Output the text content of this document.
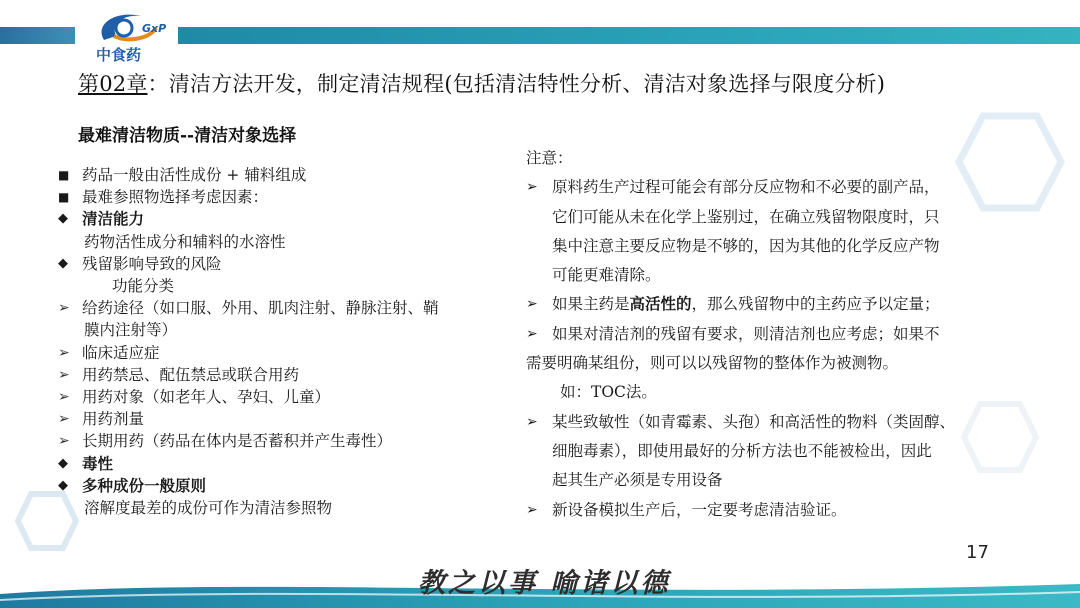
GxP
中食药
第02章：清洁方法开发，制定清洁规程(包括清洁特性分析、清洁对象选择与限度分析)
最难清洁物质--清洁对象选择
■ 药品一般由活性成份 + 辅料组成
■ 最难参照物选择考虑因素：
◆ 清洁能力
药物活性成分和辅料的水溶性
◆ 残留影响导致的风险
功能分类
➢ 给药途径（如口服、外用、肌肉注射、静脉注射、鞘
膜内注射等）
➢ 临床适应症
➢ 用药禁忌、配伍禁忌或联合用药
➢ 用药对象（如老年人、孕妇、儿童）
➢ 用药剂量
➢ 长期用药（药品在体内是否蓄积并产生毒性）
◆ 毒性
◆ 多种成份一般原则
溶解度最差的成份可作为清洁参照物
注意：
➢ 原料药生产过程可能会有部分反应物和不必要的副产品，
它们可能从未在化学上鉴别过，在确立残留物限度时，只
集中注意主要反应物是不够的，因为其他的化学反应产物
可能更难清除。
➢ 如果主药是高活性的，那么残留物中的主药应予以定量；
➢ 如果对清洁剂的残留有要求，则清洁剂也应考虑；如果不
需要明确某组份，则可以以残留物的整体作为被测物。
如：TOC法。
➢ 某些致敏性（如青霉素、头孢）和高活性的物料（类固醇、
细胞毒素），即使用最好的分析方法也不能被检出，因此
起其生产必须是专用设备
➢ 新设备模拟生产后，一定要考虑清洁验证。
17
教之以事 喻诸以德
